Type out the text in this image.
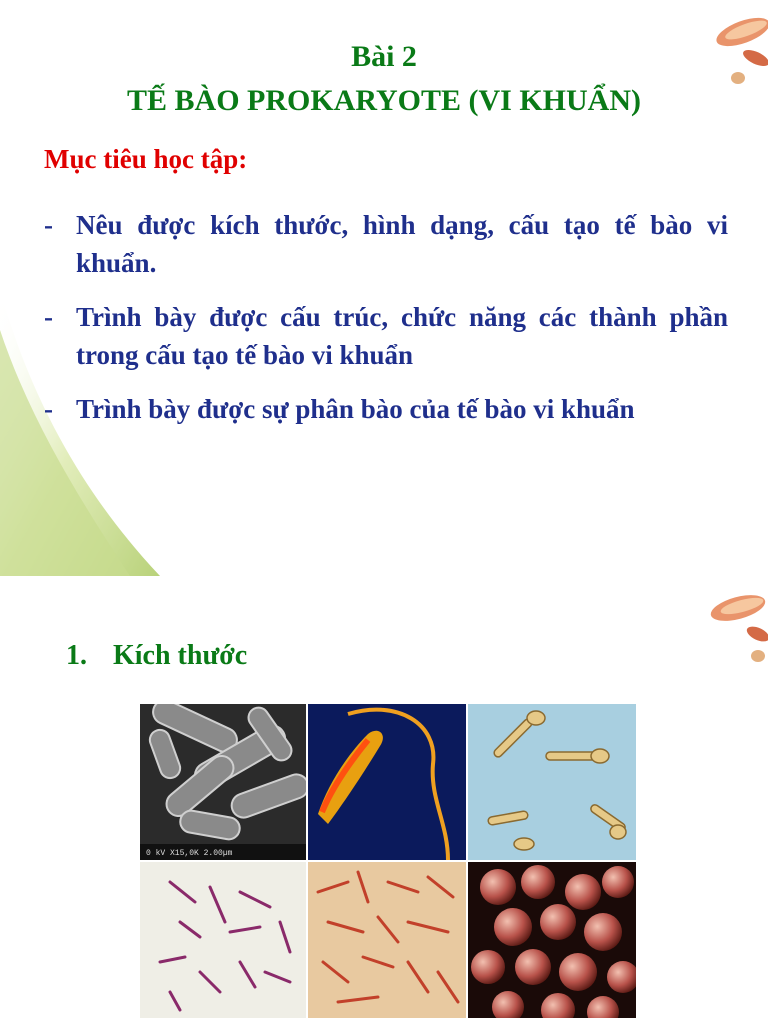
Bài 2
TẾ BÀO PROKARYOTE (VI KHUẨN)
Mục tiêu học tập:
- Nêu được kích thước, hình dạng, cấu tạo tế bào vi khuẩn.
- Trình bày được cấu trúc, chức năng các thành phần trong cấu tạo tế bào vi khuẩn
- Trình bày được sự phân bào của tế bào vi khuẩn
1. Kích thước
0 kV X15,0K 2.00µm
